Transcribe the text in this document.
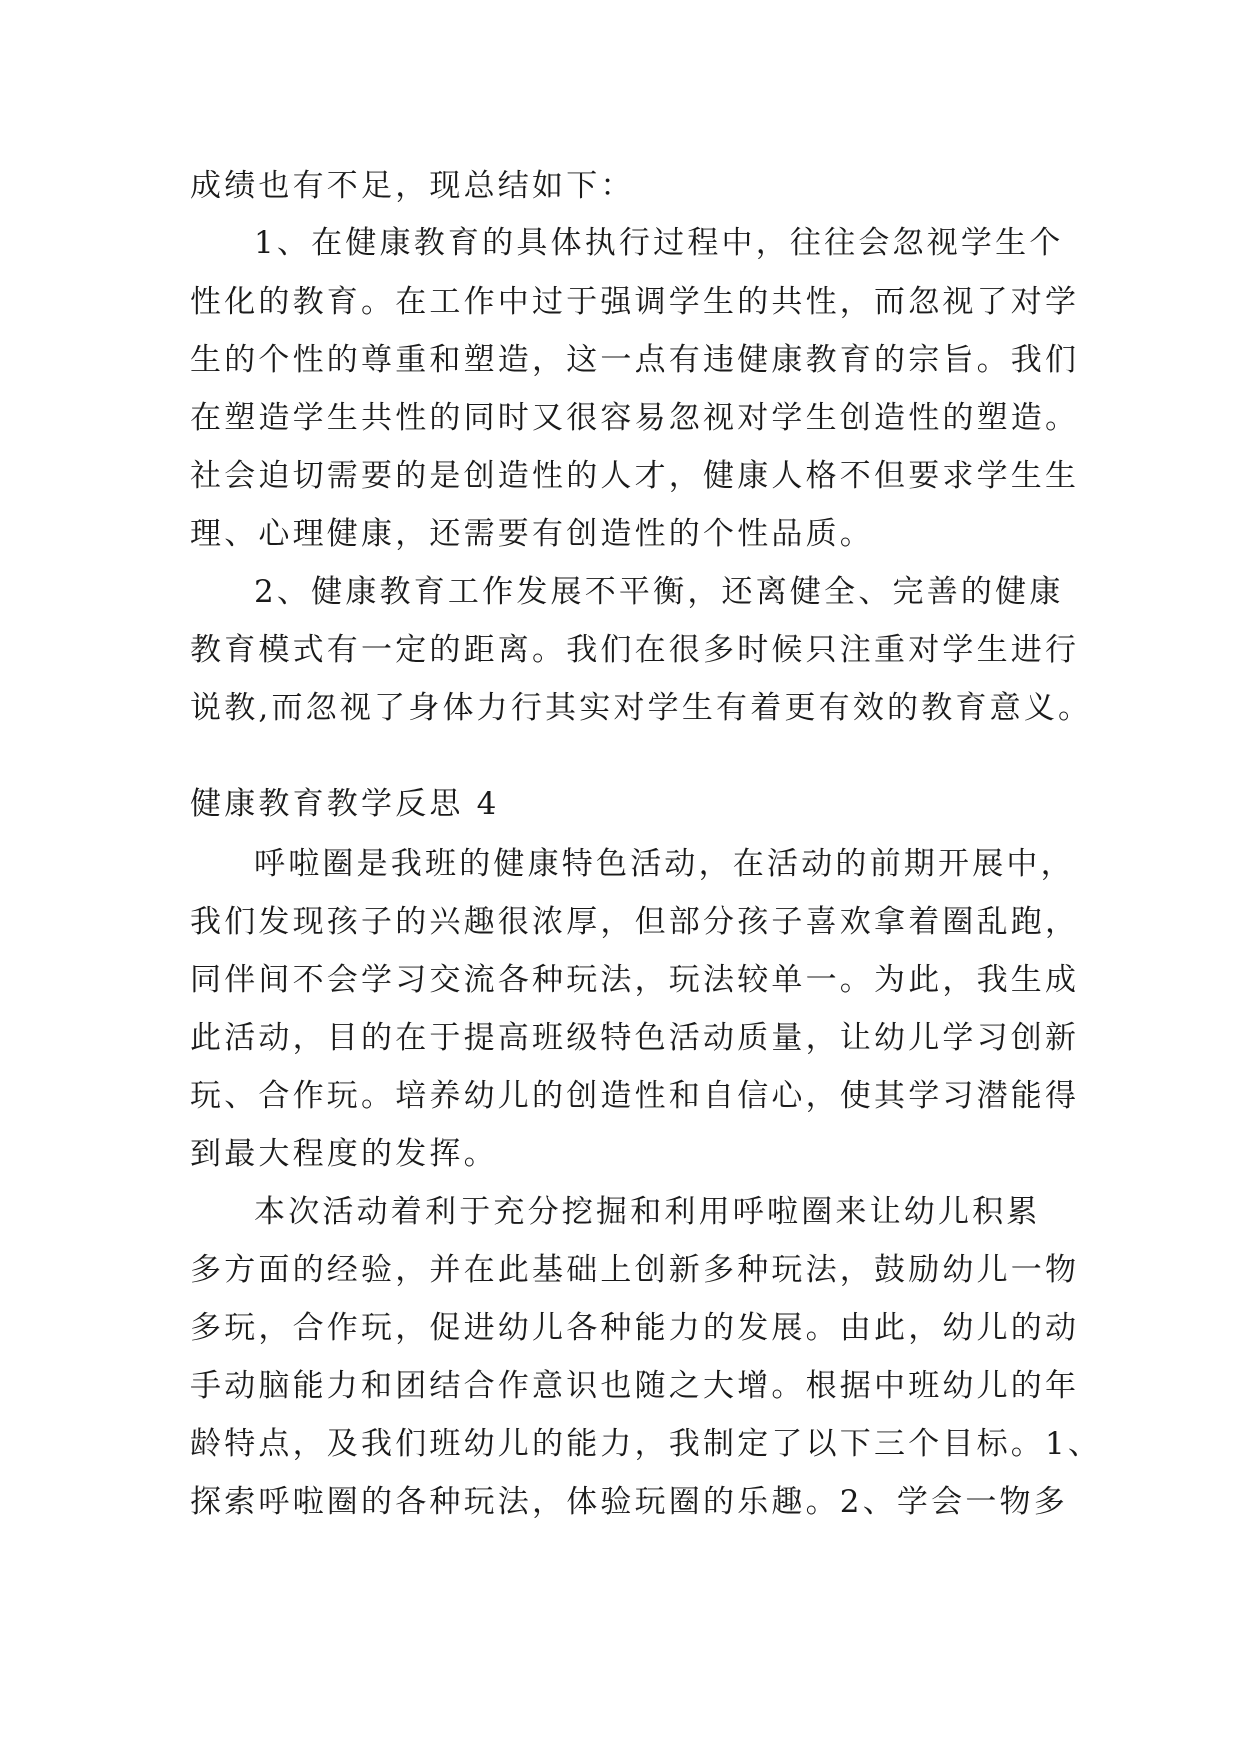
成绩也有不足，现总结如下：

1、在健康教育的具体执行过程中，往往会忽视学生个

性化的教育。在工作中过于强调学生的共性，而忽视了对学

生的个性的尊重和塑造，这一点有违健康教育的宗旨。我们

在塑造学生共性的同时又很容易忽视对学生创造性的塑造。

社会迫切需要的是创造性的人才，健康人格不但要求学生生

理、心理健康，还需要有创造性的个性品质。

2、健康教育工作发展不平衡，还离健全、完善的健康

教育模式有一定的距离。我们在很多时候只注重对学生进行

说教,而忽视了身体力行其实对学生有着更有效的教育意义。

健康教育教学反思 4

呼啦圈是我班的健康特色活动，在活动的前期开展中，

我们发现孩子的兴趣很浓厚，但部分孩子喜欢拿着圈乱跑，

同伴间不会学习交流各种玩法，玩法较单一。为此，我生成

此活动，目的在于提高班级特色活动质量，让幼儿学习创新

玩、合作玩。培养幼儿的创造性和自信心，使其学习潜能得

到最大程度的发挥。

本次活动着利于充分挖掘和利用呼啦圈来让幼儿积累

多方面的经验，并在此基础上创新多种玩法，鼓励幼儿一物

多玩，合作玩，促进幼儿各种能力的发展。由此，幼儿的动

手动脑能力和团结合作意识也随之大增。根据中班幼儿的年

龄特点，及我们班幼儿的能力，我制定了以下三个目标。1、

探索呼啦圈的各种玩法，体验玩圈的乐趣。2、学会一物多
